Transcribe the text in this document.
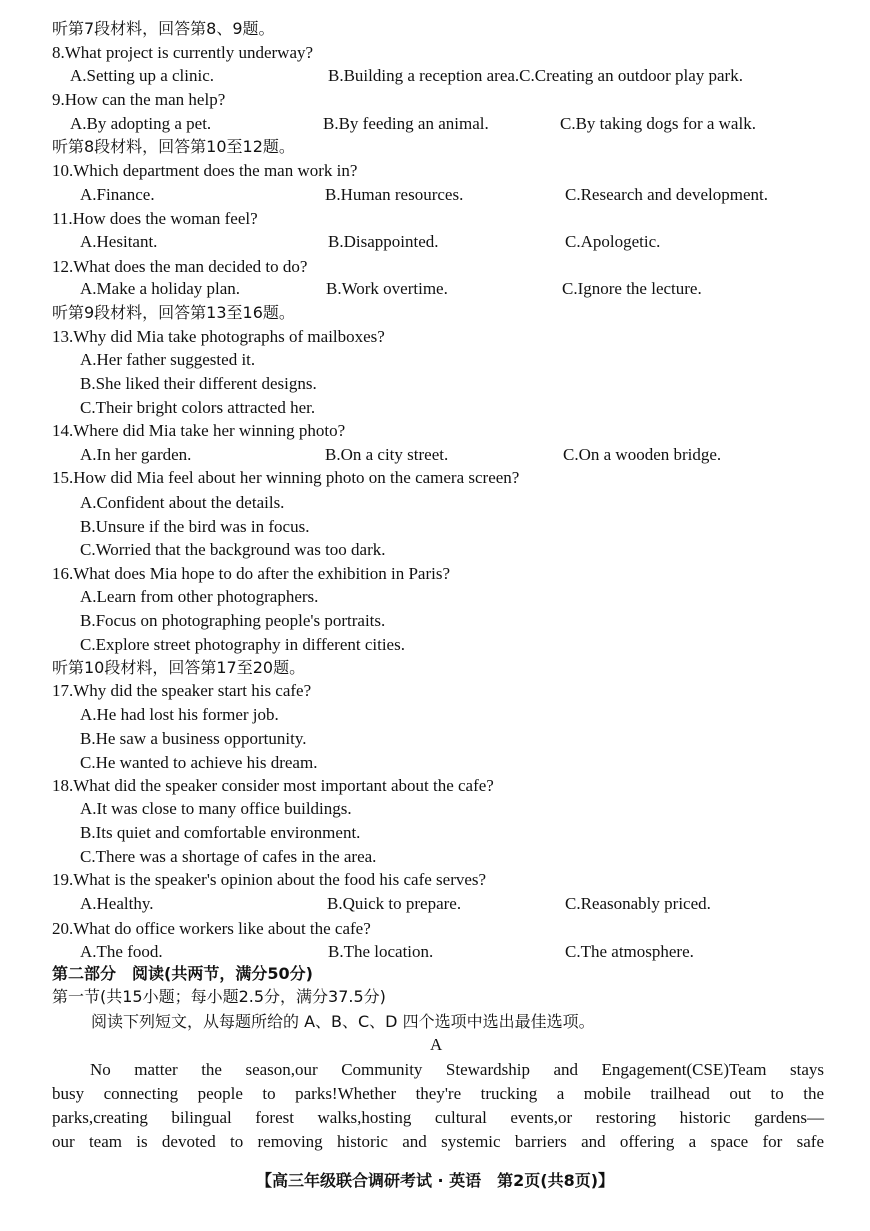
听第7段材料，回答第8、9题。
8.What project is currently underway?
A.Setting up a clinic.	B.Building a reception area.C.Creating an outdoor play park.
9.How can the man help?
A.By adopting a pet.	B.By feeding an animal.	C.By taking dogs for a walk.
听第8段材料，回答第10至12题。
10.Which department does the man work in?
A.Finance.	B.Human resources.	C.Research and development.
11.How does the woman feel?
A.Hesitant.	B.Disappointed.	C.Apologetic.
12.What does the man decided to do?
A.Make a holiday plan.	B.Work overtime.	C.Ignore the lecture.
听第9段材料，回答第13至16题。
13.Why did Mia take photographs of mailboxes?
A.Her father suggested it.
B.She liked their different designs.
C.Their bright colors attracted her.
14.Where did Mia take her winning photo?
A.In her garden.	B.On a city street.	C.On a wooden bridge.
15.How did Mia feel about her winning photo on the camera screen?
A.Confident about the details.
B.Unsure if the bird was in focus.
C.Worried that the background was too dark.
16.What does Mia hope to do after the exhibition in Paris?
A.Learn from other photographers.
B.Focus on photographing people's portraits.
C.Explore street photography in different cities.
听第10段材料，回答第17至20题。
17.Why did the speaker start his cafe?
A.He had lost his former job.
B.He saw a business opportunity.
C.He wanted to achieve his dream.
18.What did the speaker consider most important about the cafe?
A.It was close to many office buildings.
B.Its quiet and comfortable environment.
C.There was a shortage of cafes in the area.
19.What is the speaker's opinion about the food his cafe serves?
A.Healthy.	B.Quick to prepare.	C.Reasonably priced.
20.What do office workers like about the cafe?
A.The food.	B.The location.	C.The atmosphere.
第二部分　阅读(共两节，满分50分)
第一节(共15小题；每小题2.5分，满分37.5分)
阅读下列短文，从每题所给的 A、B、C、D 四个选项中选出最佳选项。
A
No matter the season,our Community Stewardship and Engagement(CSE)Team stays
busy connecting people to parks!Whether they're trucking a mobile trailhead out to the
parks,creating bilingual forest walks,hosting cultural events,or restoring historic gardens—
our team is devoted to removing historic and systemic barriers and offering a space for safe
【高三年级联合调研考试 · 英语　第2页(共8页)】
